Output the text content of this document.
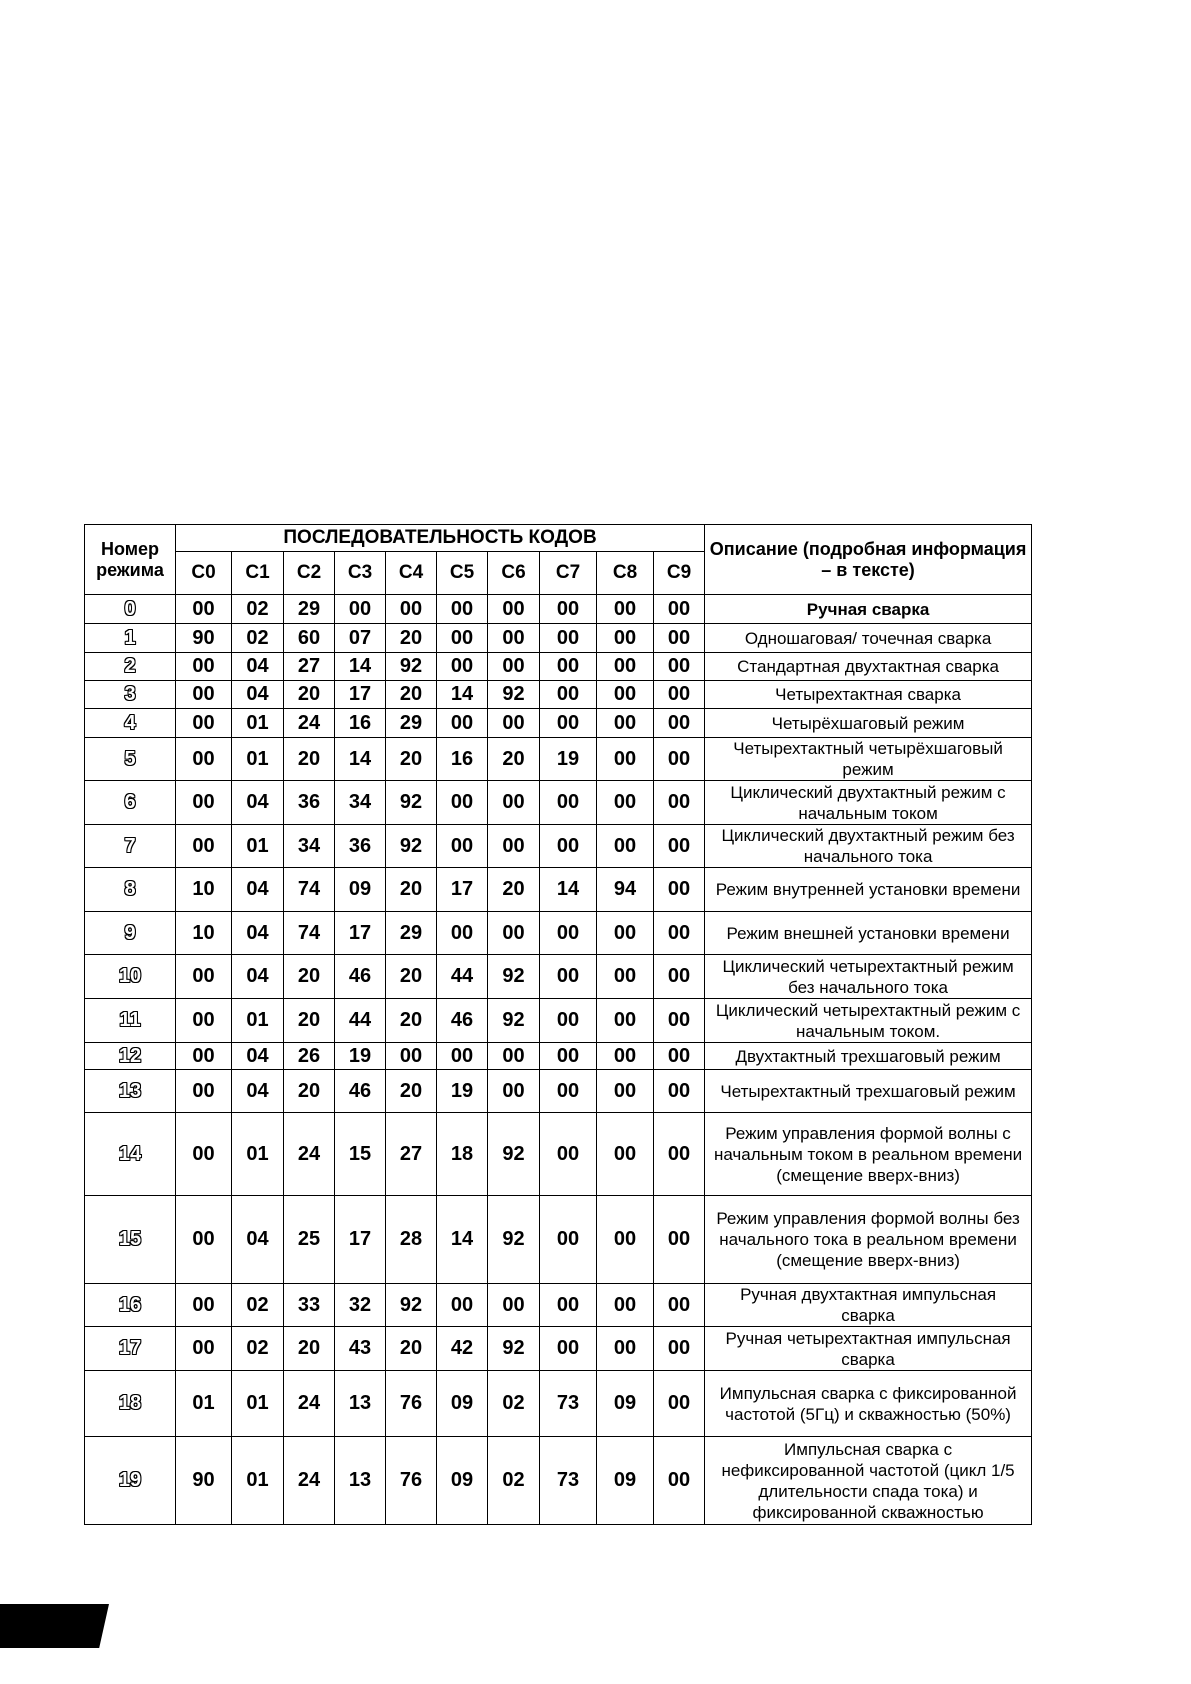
Номер режима	ПОСЛЕДОВАТЕЛЬНОСТЬ КОДОВ										Описание (подробная информация – в тексте)
	C0	C1	C2	C3	C4	C5	C6	C7	C8	C9	
0	00	02	29	00	00	00	00	00	00	00	Ручная сварка
1	90	02	60	07	20	00	00	00	00	00	Одношаговая/ точечная сварка
2	00	04	27	14	92	00	00	00	00	00	Стандартная двухтактная сварка
3	00	04	20	17	20	14	92	00	00	00	Четырехтактная сварка
4	00	01	24	16	29	00	00	00	00	00	Четырёхшаговый режим
5	00	01	20	14	20	16	20	19	00	00	Четырехтактный четырёхшаговый режим
6	00	04	36	34	92	00	00	00	00	00	Циклический двухтактный режим с начальным током
7	00	01	34	36	92	00	00	00	00	00	Циклический двухтактный режим без начального тока
8	10	04	74	09	20	17	20	14	94	00	Режим внутренней установки времени
9	10	04	74	17	29	00	00	00	00	00	Режим внешней установки времени
10	00	04	20	46	20	44	92	00	00	00	Циклический четырехтактный режим без начального тока
11	00	01	20	44	20	46	92	00	00	00	Циклический четырехтактный режим с начальным током.
12	00	04	26	19	00	00	00	00	00	00	Двухтактный трехшаговый режим
13	00	04	20	46	20	19	00	00	00	00	Четырехтактный трехшаговый режим
14	00	01	24	15	27	18	92	00	00	00	Режим управления формой волны с начальным током в реальном времени (смещение вверх-вниз)
15	00	04	25	17	28	14	92	00	00	00	Режим управления формой волны без начального тока в реальном времени (смещение вверх-вниз)
16	00	02	33	32	92	00	00	00	00	00	Ручная двухтактная импульсная сварка
17	00	02	20	43	20	42	92	00	00	00	Ручная четырехтактная импульсная сварка
18	01	01	24	13	76	09	02	73	09	00	Импульсная сварка с фиксированной частотой (5Гц) и скважностью (50%)
19	90	01	24	13	76	09	02	73	09	00	Импульсная сварка с нефиксированной частотой (цикл 1/5 длительности спада тока) и фиксированной скважностью
